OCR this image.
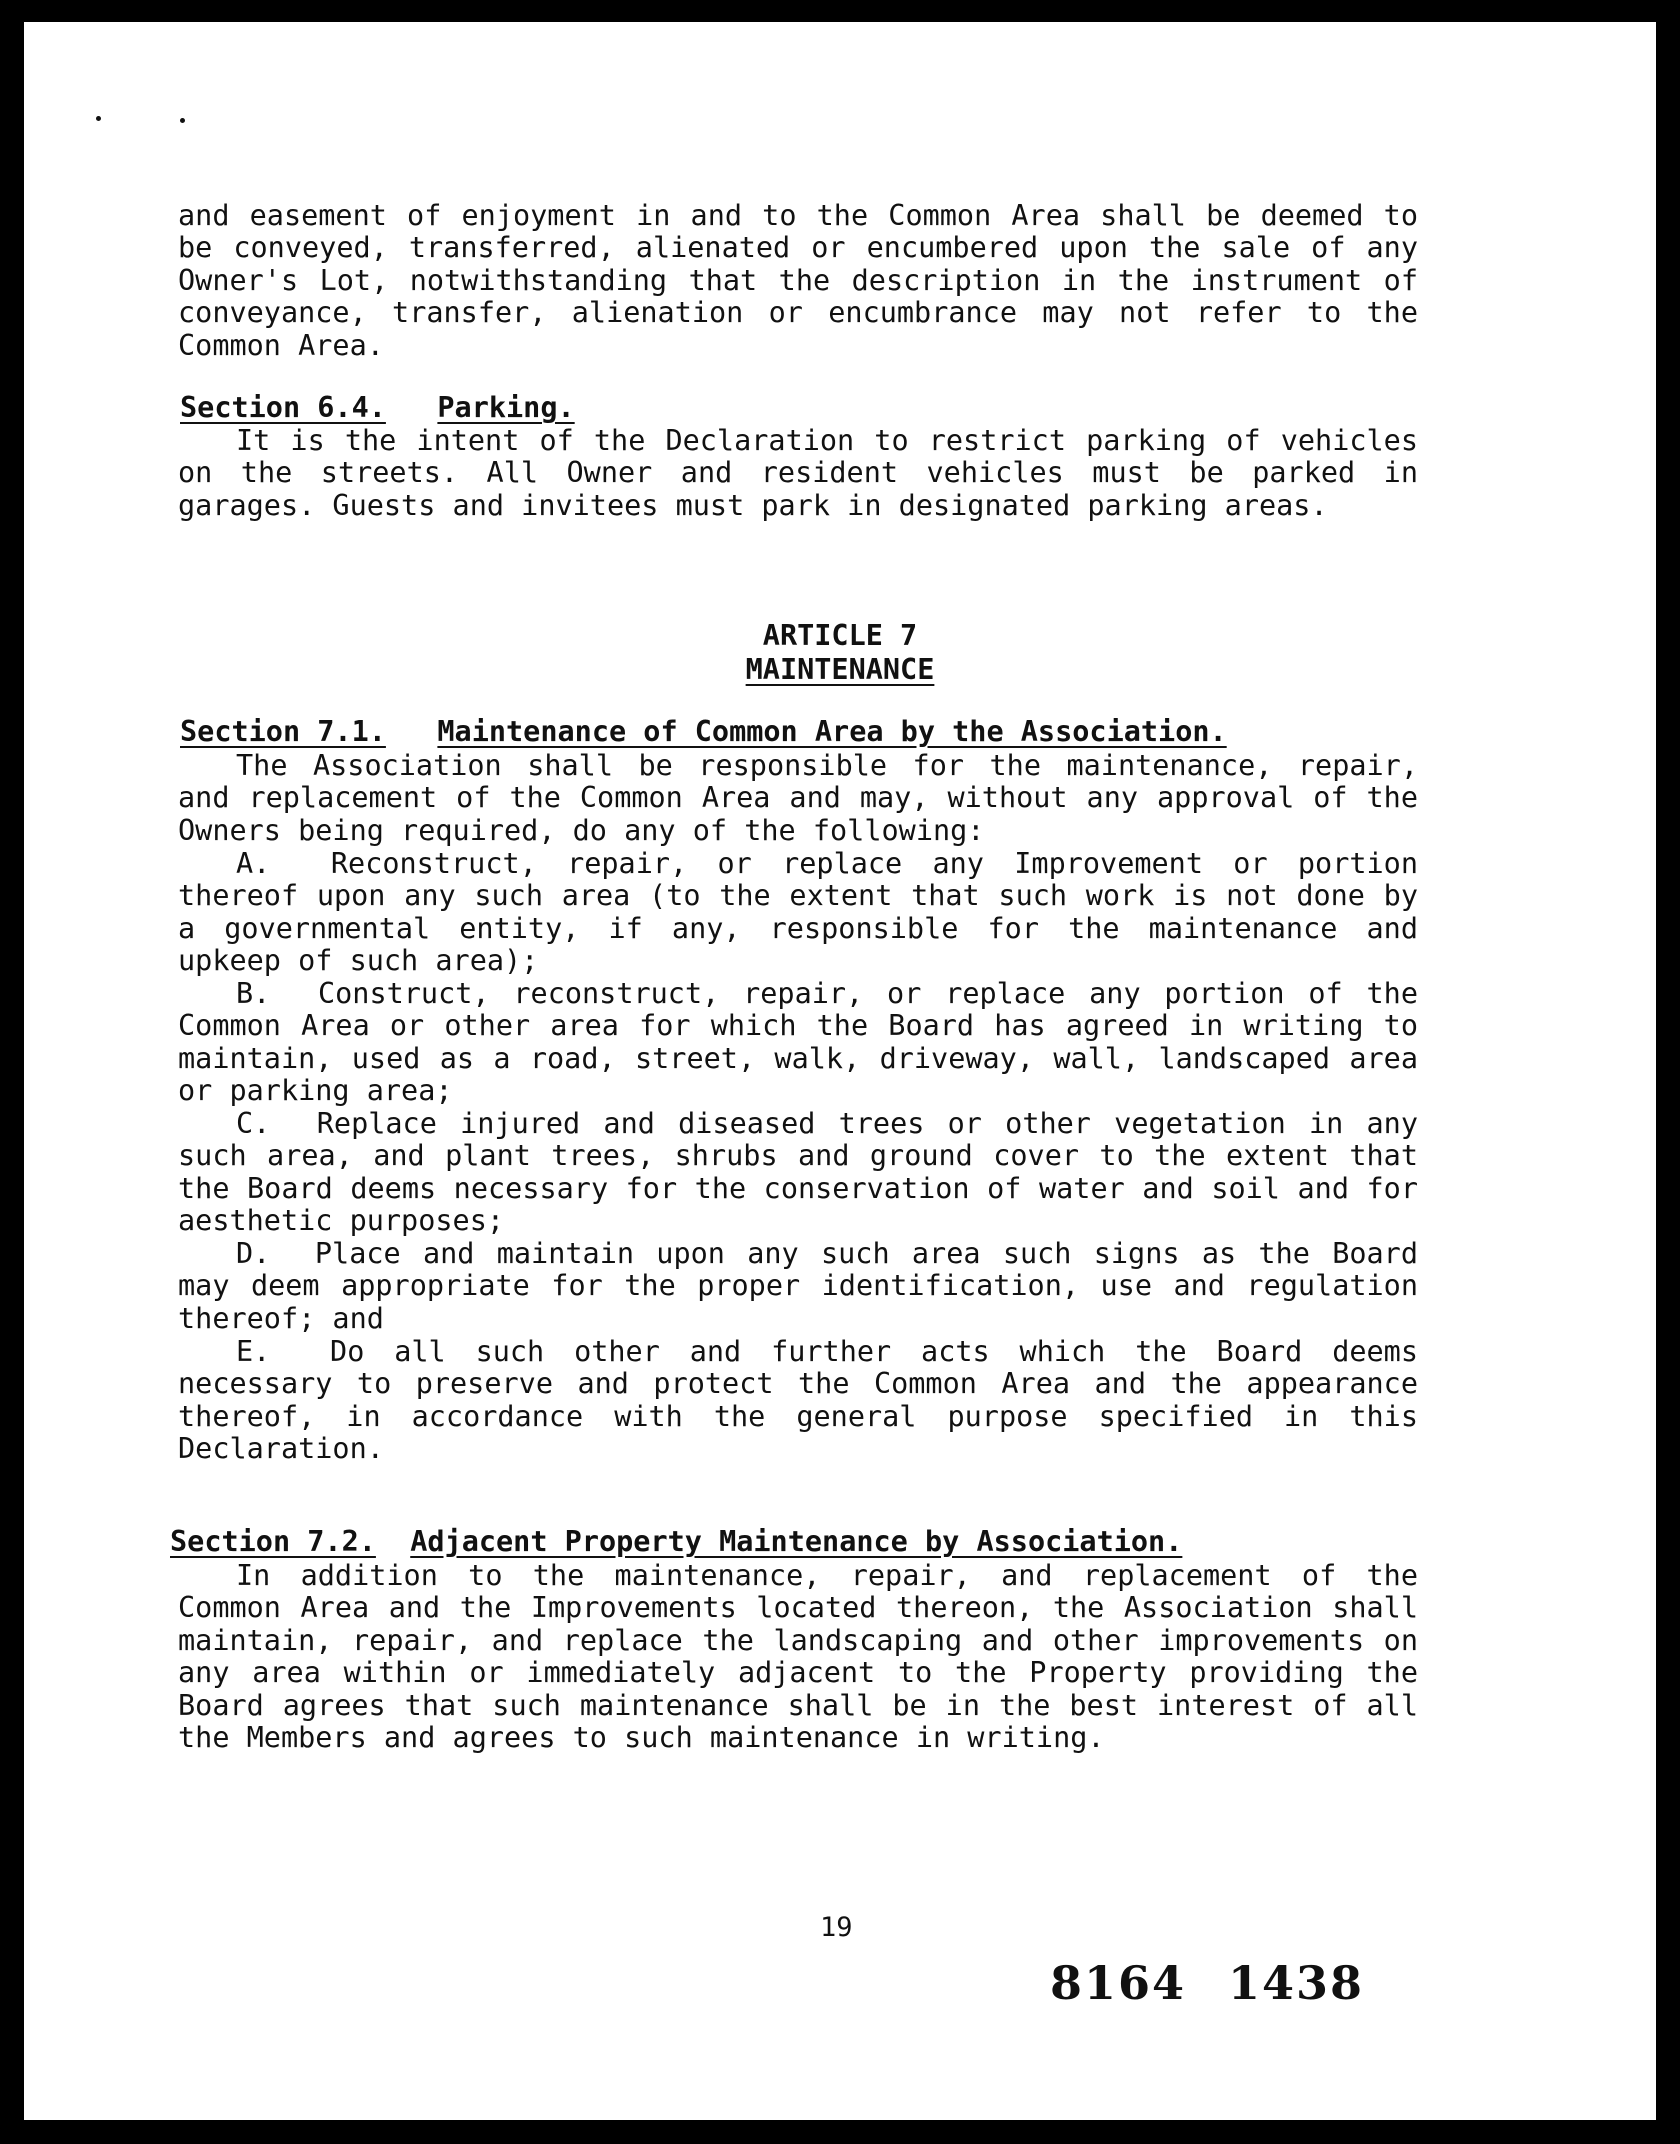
and easement of enjoyment in and to the Common Area shall be deemed to be conveyed, transferred, alienated or encumbered upon the sale of any Owner's Lot, notwithstanding that the description in the instrument of conveyance, transfer, alienation or encumbrance may not refer to the Common Area.

Section 6.4. Parking.

It is the intent of the Declaration to restrict parking of vehicles on the streets. All Owner and resident vehicles must be parked in garages. Guests and invitees must park in designated parking areas.

ARTICLE 7
MAINTENANCE
Section 7.1. Maintenance of Common Area by the Association.

The Association shall be responsible for the maintenance, repair, and replacement of the Common Area and may, without any approval of the Owners being required, do any of the following:

A.  Reconstruct, repair, or replace any Improvement or portion thereof upon any such area (to the extent that such work is not done by a governmental entity, if any, responsible for the maintenance and upkeep of such area);

B.  Construct, reconstruct, repair, or replace any portion of the Common Area or other area for which the Board has agreed in writing to maintain, used as a road, street, walk, driveway, wall, landscaped area or parking area;

C.  Replace injured and diseased trees or other vegetation in any such area, and plant trees, shrubs and ground cover to the extent that the Board deems necessary for the conservation of water and soil and for aesthetic purposes;

D.  Place and maintain upon any such area such signs as the Board may deem appropriate for the proper identification, use and regulation thereof; and

E.  Do all such other and further acts which the Board deems necessary to preserve and protect the Common Area and the appearance thereof, in accordance with the general purpose specified in this Declaration.

Section 7.2. Adjacent Property Maintenance by Association.

In addition to the maintenance, repair, and replacement of the Common Area and the Improvements located thereon, the Association shall maintain, repair, and replace the landscaping and other improvements on any area within or immediately adjacent to the Property providing the Board agrees that such maintenance shall be in the best interest of all the Members and agrees to such maintenance in writing.

19
8164 1438
